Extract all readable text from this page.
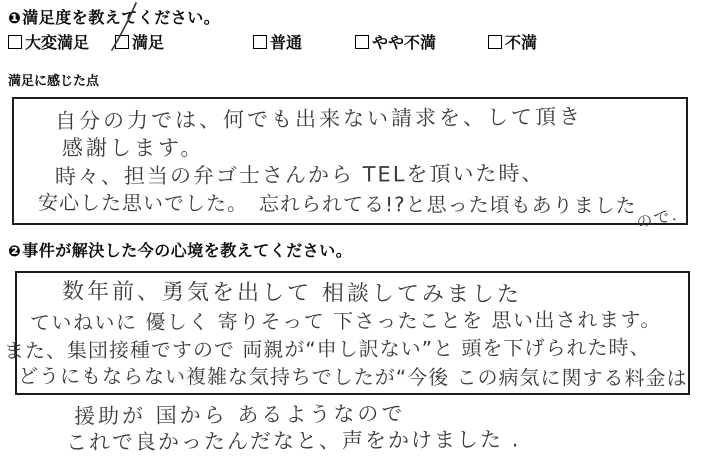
❶満足度を教えてください。
大変満足	満足	普通	やや不満	不満
満足に感じた点
自分の力では、何でも出来ない請求を、して頂き
感謝します。
時々、担当の弁ゴ士さんから TELを頂いた時、
安心した思いでした。　忘れられてる!?と思った頃もありました
ので.
❷事件が解決した今の心境を教えてください。
数年前、勇気を出して 相談してみました
ていねいに 優しく 寄りそって 下さったことを 思い出されます。
また、集団接種ですので 両親が“申し訳ない”と 頭を下げられた時、
どうにもならない複雑な気持ちでしたが“今後 この病気に関する料金は
援助が 国から あるようなので
これで良かったんだなと、声をかけました .
